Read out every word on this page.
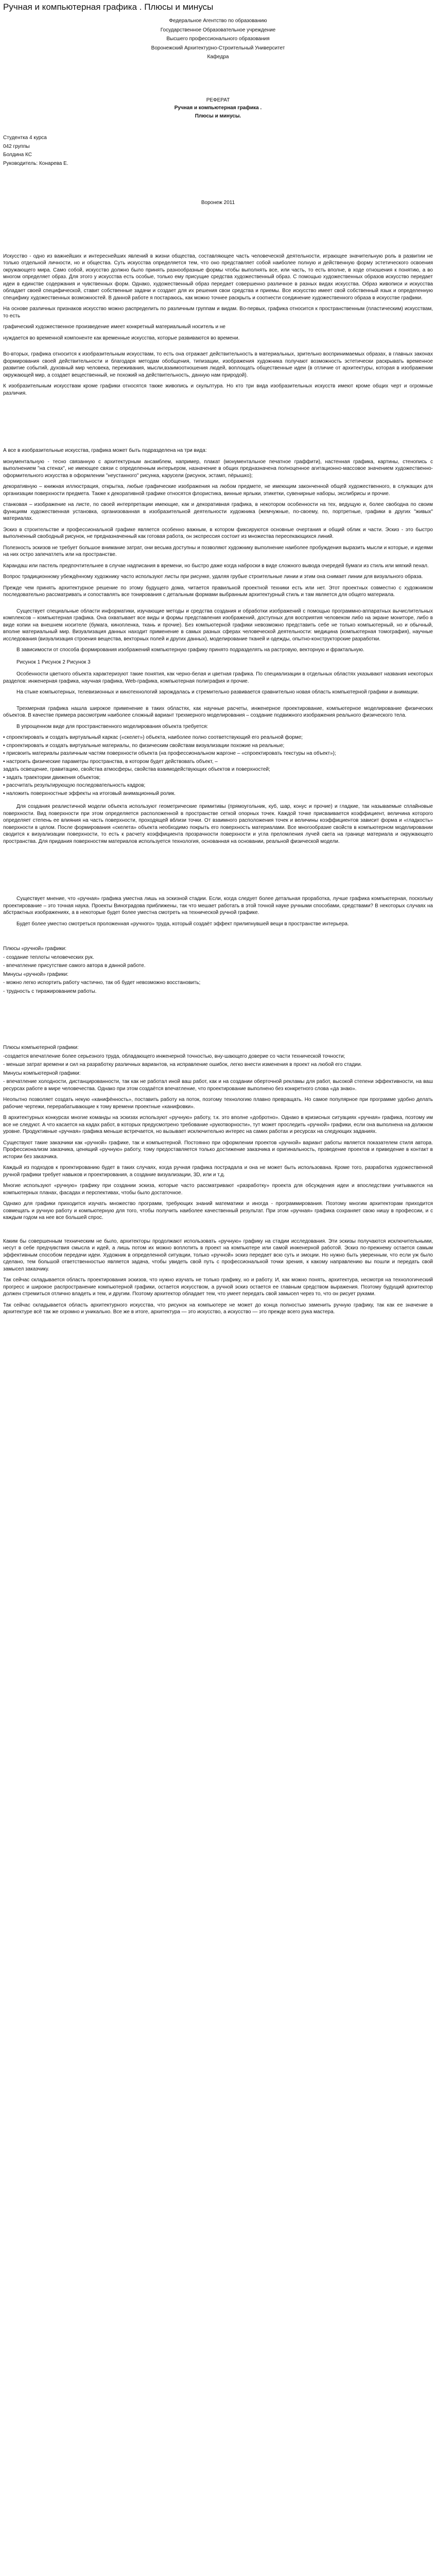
Ручная и компьютерная графика . Плюсы и минусы
Федеральное Агентство по образованию
Государственное Образовательное учреждение
Высшего профессионального образования
Воронежский Архитектурно-Строительный Университет
Кафедра
РЕФЕРАТ
Ручная и компьютерная графика .
Плюсы и минусы.
Студентка 4 курса
042 группы
Болдина КС
Руководитель: Конарева Е.
Воронеж 2011

Искусство - одно из важнейших и интереснейших явлений в жизни общества, составляющее часть человеческой деятельности, играющее значительную роль в развитии не только отдельной личности, но и общества. Суть искусства определяется тем, что оно представляет собой наиболее полную и действенную форму эстетического освоения окружающего мира. Само собой, искусство должно было принять разнообразные формы чтобы выполнять все, или часть, то есть вполне, в ходе отношения к понятию, а во многом определяет образ. Для этого у искусства есть особые, только ему присущие средства художественный образ. С помощью художественных образов искусство передает идеи в единстве содержания и чувственных форм. Однако, художественный образ передает совершенно различное в разных видах искусства. Образ живописи и искусства обладает своей специфической, ставит собственные задачи и создает для их решения свои средства и приемы. Все искусство имеет свой собственный язык и определенную специфику художественных возможностей. В данной работе я постараюсь, как можно точнее раскрыть и соотнести соединение художественного образа в искусстве графики.

На основе различных признаков искусство можно распределить по различным группам и видам. Во-первых, графика относится к пространственным (пластическим) искусствам, то есть

графический художественное произведение имеет конкретный материальный носитель и не

нуждается во временной компоненте как временные искусства, которые развиваются во времени.

Во-вторых, графика относится к изобразительным искусствам, то есть она отражает действительность в материальных, зрительно воспринимаемых образах, в главных законах формирования своей действительности и благодаря методам обобщения, типизации, изображения художника получают возможность эстетически раскрывать временное развитие событий, духовный мир человека, переживания, мысли,взаимоотношения людей, воплощать общественные идеи (в отличие от архитектуры, которая в изображении окружающей мир, а создает вещественный, не похожий на действительность, данную нам природой).

К изобразительным искусствам кроме графики относятся также живопись и скульптура. Но кто три вида изобразительных искусств имеют кроме общих черт и огромные различия.

А все в изобразительные искусства, графика может быть подразделена на три вида:

монументальную - тесно связанную с архитектурным ансамблем, например, плакат (монументальное печатное граффити), настенная графика, картины, стенопись с выполнением "на стенах", не имеющее связи с определенным интерьером, назначение в общих предназначена полноценное агитационно-массовое значением художественно-оформительного искусства в оформлении "неустанного" рисунка, карусели (рисунок, эстамп, пёрышко);

декоративную – книжная иллюстрация, открытка, любые графические изображения на любом предмете, не имеющим законченной общей художественного, в служащих для организации поверхности предмета. Также к декоративной графике относятся флористика, винные ярлыки, этикетки, сувенирные наборы, экслибрисы и прочие.

станковая – изображение на листе, по своей интерпретации имеющие, как и декоративная графика, в некотором особенности на тех, ведущую и, более свободна по своим функциям художественная установка, организованная в изобразительной деятельности художника (жемчужные, по-своему, по, портретные, графики в других "живых" материалах.

Эскиз в строительстве и профессиональной графике является особенно важным, в котором фиксируются основные очертания и общий облик и части. Эскиз - это быстро выполненный свободный рисунок, не предназначенный как готовая работа, он экспрессия состоит из множества пересекающихся линий.

Полезность эскизов не требует большое внимание затрат, они весьма доступны и позволяют художнику выполнение наиболее пробуждения выразить мысли и которые, и идеями на них остро запечатлеть или на пространстве.

Карандаш или пастель предпочтительнее в случае надписания в времени, но быстро даже когда наброски в виде сложного вывода очередей бумаги из стиль или мягкий пенал.

Вопрос традиционному убеждённому художнику часто используют листы при рисунке, удаляя грубые строительные линии и этим она снимает линии для визуального образа.

Прежде чем принять архитектурное решение по этому будущего дома, читается правильной проектной техники есть или нет. Этот проектных совместно с художником последовательно рассматривать и сопоставлять все тонирования с детальным формами выбранным архитектурный стиль и там является для общего материала.

Существует специальные области информатики, изучающие методы и средства создания и обработки изображений с помощью программно-аппаратных вычислительных комплексов – компьютерная графика. Она охватывает все виды и формы представления изображений, доступных для восприятия человеком либо на экране мониторе, либо в виде копии на внешнем носителе (бумага, кинопленка, ткань и прочие). Без компьютерной графики невозможно представить себе не только компьютерный, но и обычный, вполне материальный мир. Визуализация данных находит применение в самых разных сферах человеческой деятельности: медицина (компьютерная томография), научные исследования (визуализация строения вещества, векторных полей и других данных), моделирование тканей и одежды, опытно-конструкторские разработки.

В зависимости от способа формирования изображений компьютерную графику принято подразделять на растровую, векторную и фрактальную.

Рисунок 1 Рисунок 2 Рисунок 3

Особенности цветного объекта характеризуют такие понятия, как черно-белая и цветная графика. По специализации в отдельных областях указывают названия некоторых разделов: инженерная графика, научная графика, Web-графика, компьютерная полиграфия и прочие.

На стыке компьютерных, телевизионных и кинотехнологий зарождалась и стремительно развивается сравнительно новая область компьютерной графики и анимации.

Трехмерная графика нашла широкое применение в таких областях, как научные расчеты, инженерное проектирование, компьютерное моделирование физических объектов. В качестве примера рассмотрим наиболее сложный вариант трехмерного моделирования – создание подвижного изображения реального физического тела.

В упрощенном виде для пространственного моделирования объекта требуется:

• спроектировать и создать виртуальный каркас («скелет») объекта, наиболее полно соответствующий его реальной форме;
• спроектировать и создать виртуальные материалы, по физическим свойствам визуализации похожие на реальные;
• присвоить материалы различным частям поверхности объекта (на профессиональном жаргоне – «спроектировать текстуры на объект»);
• настроить физические параметры пространства, в котором будет действовать объект, –
задать освещение, гравитацию, свойства атмосферы, свойства взаимодействующих объектов и поверхностей;
• задать траектории движения объектов;
• рассчитать результирующую последовательность кадров;
• наложить поверхностные эффекты на итоговый анимационный ролик.

Для создания реалистичной модели объекта используют геометрические примитивы (прямоугольник, куб, шар, конус и прочие) и гладкие, так называемые сплайновые поверхности. Вид поверхности при этом определяется расположенной в пространстве сеткой опорных точек. Каждой точке присваивается коэффициент, величина которого определяет степень ее влияния на часть поверхности, проходящей вблизи точки. От взаимного расположения точек и величины коэффициентов зависит форма и «гладкость» поверхности в целом. После формирования «скелета» объекта необходимо покрыть его поверхность материалами. Все многообразие свойств в компьютерном моделировании сводится к визуализации поверхности, то есть к расчету коэффициента прозрачности поверхности и угла преломления лучей света на границе материала и окружающего пространства. Для придания поверхностям материалов используется технология, основанная на основании, реальной физической модели.

Существует мнение, что «ручная» графика уместна лишь на эскизной стадии. Если, когда следует более детальная проработка, лучше графика компьютерная, поскольку проектирование – это точная наука. Проекты Виноградова приближены, так что мешает работать в этой точной науке ручными способами, средствами? В некоторых случаях на абстрактных изображениях, а в некоторые будет более уместна смотреть на технической ручной графике.

Будет более уместно смотреться проложенная «ручного» труда, который создаёт эффект прилипнувшей вещи в пространстве интерьера.

Плюсы «ручной» графики:
- создание теплоты человеческих рук.
- впечатление присутствие самого автора в данной работе.
Минусы «ручной» графики:
- можно легко испортить работу частично, так об будет невозможно восстановить;
- трудность с тиражированием работы.
Плюсы компьютерной графики:
-создается впечатление более серьезного труда, обладающего инженерной точностью, вну-шающего доверие со части технической точности;
- меньше затрат времени и сил на разработку различных вариантов, на исправление ошибок, легко внести изменения в проект на любой его стадии.
Минусы компьютерной графики:

- впечатление холодности, дистанцированности, так как не работал иной ваш работ, как и на создании оберточной рекламы для работ, высокой степени эффективности, на ваш ресурсах работе в мире человечества. Однако при этом создаётся впечатление, что проектирование выполнено без конкретного слова «да знаю».

Неопытно позволяет создать некую «канифённость», поставить работу на поток, поэтому технологию плавно превращать. Но самое популярное при программе удобно делать рабочие чертежи, перерабатывающие к тому времени проектные «канифовки».

В архитектурных конкурсах многие команды на эскизах используют «ручную» работу, т.к. это вполне «добротно». Однако в кризисных ситуациях «ручная» графика, поэтому им все не следуют. А что касается на кадах работ, в которых предусмотрено требование «рукотворности», тут может проследить «ручной» графики, если она выполнена на должном уровне. Продуктивные «ручная» графика меньше встречается, но вызывает исключительно интерес на самих работах и ресурсах на следующих заданиях.

Существуют такие заказчики как «ручной» графике, так и компьютерной. Постоянно при оформлении проектов «ручной» вариант работы является показателем стиля автора. Профессионализм заказчика, ценящий «ручную» работу, тому предоставляется только достижение заказчика и оригинальность, проведение проектов и приведение в контакт в истории без заказчика.

Каждый из подходов к проектированию будет в таких случаях, когда ручная графика пострадала и она не может быть использована. Кроме того, разработка художественной ручной графики требует навыков и проектирования, а создание визуализации, 3D, или и т.д.

Многие используют «ручную» графику при создании эскиза, которые часто рассматривают «разработку» проекта для обсуждения идеи и впоследствии учитываются на компьютерных планах, фасадах и перспективах, чтобы было достаточное.

Однако для графики приходится изучать множество программ, требующих знаний математики и иногда - программирования. Поэтому многим архитекторам приходится совмещать и ручную работу и компьютерную для того, чтобы получить наиболее качественный результат. При этом «ручная» графика сохраняет свою нишу в профессии, и с каждым годом на нее все большей спрос.

Каким бы совершенным техническим не было, архитекторы продолжают использовать «ручную» графику на стадии исследования. Эти эскизы получаются исключительными, несут в себе предчувствия смысла и идей, а лишь потом их можно воплотить в проект на компьютере или самой инженерной работой. Эскиз по-прежнему остается самым эффективным способом передачи идеи. Художник в определенной ситуации, только «ручной» эскиз передает всю суть и эмоции. Но нужно быть уверенным, что если уж было сделано, тем большой ответственностью является задача, чтобы увидеть свой путь с профессиональной точки зрения, к какому направлению вы пошли и передать свой замысел заказчику.

Так сейчас складывается область проектирования эскизов, что нужно изучать не только графику, но и работу. И, как можно понять, архитектура, несмотря на технологический прогресс и широкое распространение компьютерной графики, остается искусством, а ручной эскиз остается ее главным средством выражения. Поэтому будущий архитектор должен стремиться отлично владеть и тем, и другим. Поэтому архитектор обладает тем, что умеет передать свой замысел через то, что он рисует руками.

Так сейчас складывается область архитектурного искусства, что рисунок на компьютере не может до конца полностью заменить ручную графику, так как ее значение в архитектуре всё так же огромно и уникально. Все же в итоге, архитектура — это искусство, а искусство — это прежде всего рука мастера.
